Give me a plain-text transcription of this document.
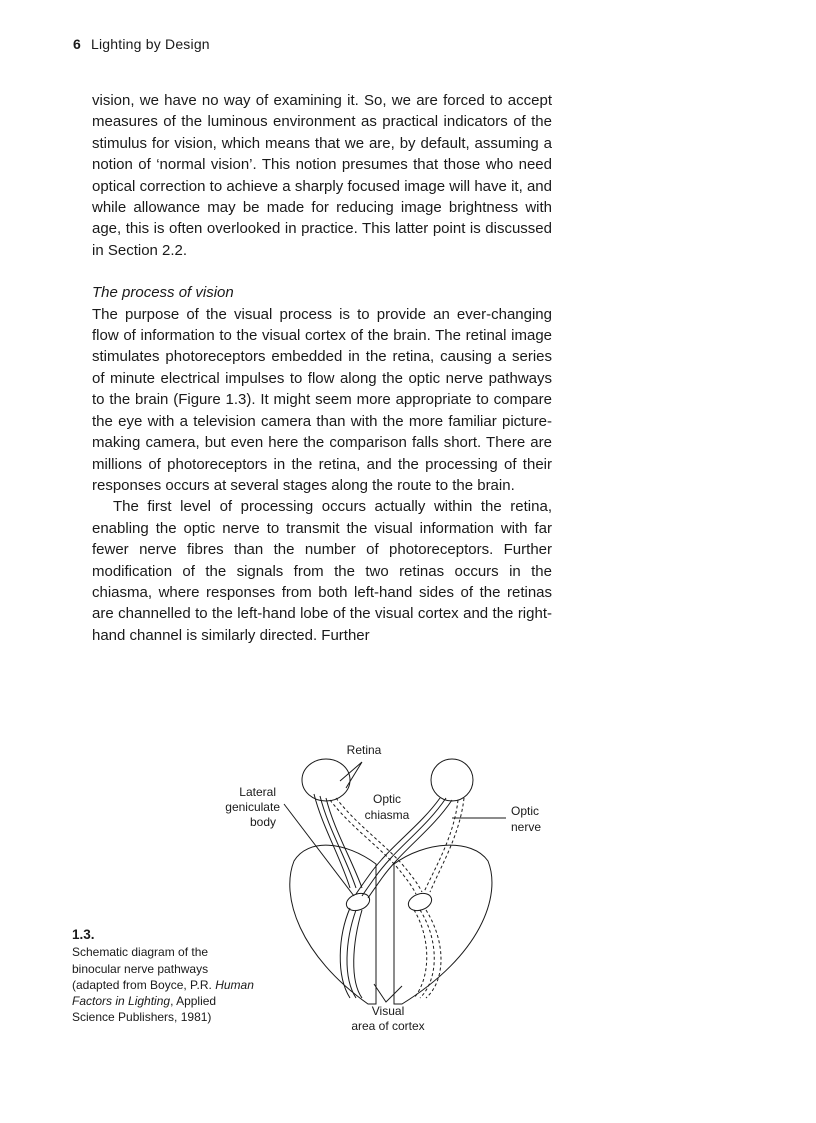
6 Lighting by Design

vision, we have no way of examining it. So, we are forced to accept measures of the luminous environment as practical indicators of the stimulus for vision, which means that we are, by default, assuming a notion of ‘normal vision’. This notion presumes that those who need optical correction to achieve a sharply focused image will have it, and while allowance may be made for reducing image brightness with age, this is often overlooked in practice. This latter point is discussed in Section 2.2.

The process of vision

The purpose of the visual process is to provide an ever-changing flow of information to the visual cortex of the brain. The retinal image stimulates photoreceptors embedded in the retina, causing a series of minute electrical impulses to flow along the optic nerve pathways to the brain (Figure 1.3). It might seem more appropriate to compare the eye with a television camera than with the more familiar picture-making camera, but even here the comparison falls short. There are millions of photoreceptors in the retina, and the processing of their responses occurs at several stages along the route to the brain.

The first level of processing occurs actually within the retina, enabling the optic nerve to transmit the visual information with far fewer nerve fibres than the number of photoreceptors. Further modification of the signals from the two retinas occurs in the chiasma, where responses from both left-hand sides of the retinas are channelled to the left-hand lobe of the visual cortex and the right-hand channel is similarly directed. Further

Retina
Lateral
geniculate
body
Optic
chiasma	Optic
nerve
Visual
area of cortex
1.3.
Schematic diagram of the binocular nerve pathways (adapted from Boyce, P.R. Human Factors in Lighting, Applied Science Publishers, 1981)
